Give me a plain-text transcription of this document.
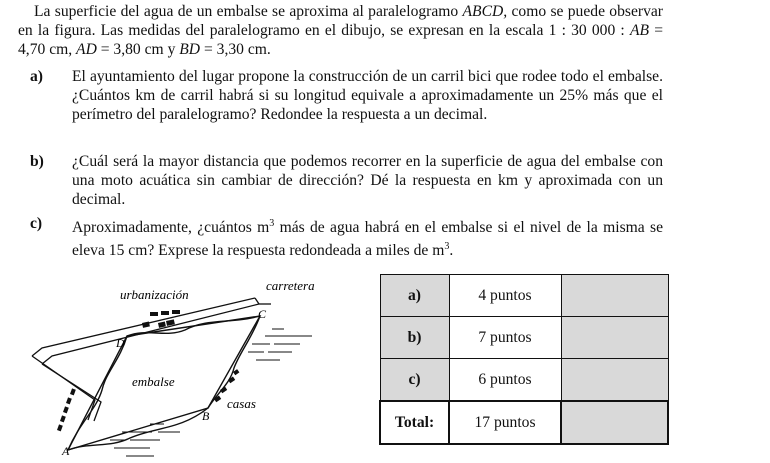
La superficie del agua de un embalse se aproxima al paralelogramo ABCD, como se puede observar en la figura. Las medidas del paralelogramo en el dibujo, se expresan en la escala 1 : 30 000 : AB = 4,70 cm, AD = 3,80 cm y BD = 3,30 cm.

a) El ayuntamiento del lugar propone la construcción de un carril bici que rodee todo el embalse. ¿Cuántos km de carril habrá si su longitud equivale a aproximadamente un 25% más que el perímetro del paralelogramo? Redondee la respuesta a un decimal.

b) ¿Cuál será la mayor distancia que podemos recorrer en la superficie de agua del embalse con una moto acuática sin cambiar de dirección? Dé la respuesta en km y aproximada con un decimal.

c) Aproximadamente, ¿cuántos $m^3$ más de agua habrá en el embalse si el nivel de la misma se eleva 15 cm? Exprese la respuesta redondeada a miles de $m^3$.

urbanización
carretera
embalse
casas
A
B
C
D
a)	4 puntos	
b)	7 puntos	
c)	6 puntos	
Total:	17 puntos	
